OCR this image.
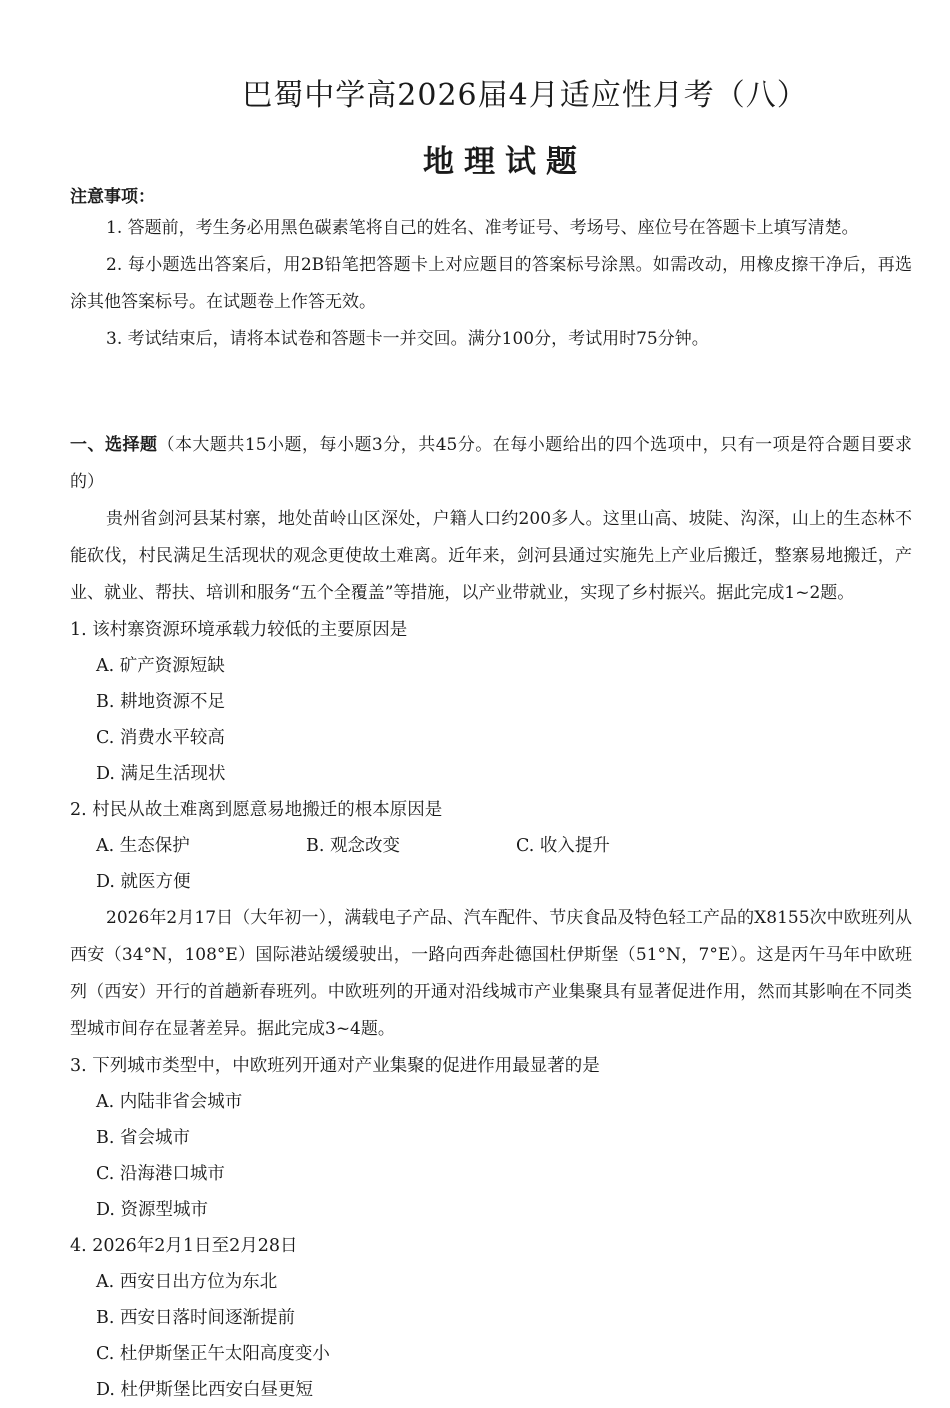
巴蜀中学高2026届4月适应性月考（八）
地理试题
注意事项：
1. 答题前，考生务必用黑色碳素笔将自己的姓名、准考证号、考场号、座位号在答题卡上填写清楚。
2. 每小题选出答案后，用2B铅笔把答题卡上对应题目的答案标号涂黑。如需改动，用橡皮擦干净后，再选涂其他答案标号。在试题卷上作答无效。
3. 考试结束后，请将本试卷和答题卡一并交回。满分100分，考试用时75分钟。
一、选择题（本大题共15小题，每小题3分，共45分。在每小题给出的四个选项中，只有一项是符合题目要求的）
贵州省剑河县某村寨，地处苗岭山区深处，户籍人口约200多人。这里山高、坡陡、沟深，山上的生态林不能砍伐，村民满足生活现状的观念更使故土难离。近年来，剑河县通过实施先上产业后搬迁，整寨易地搬迁，产业、就业、帮扶、培训和服务“五个全覆盖”等措施，以产业带就业，实现了乡村振兴。据此完成1~2题。
1. 该村寨资源环境承载力较低的主要原因是
A. 矿产资源短缺
B. 耕地资源不足
C. 消费水平较高
D. 满足生活现状
2. 村民从故土难离到愿意易地搬迁的根本原因是
A. 生态保护	B. 观念改变	C. 收入提升
D. 就医方便
2026年2月17日（大年初一），满载电子产品、汽车配件、节庆食品及特色轻工产品的X8155次中欧班列从西安（34°N，108°E）国际港站缓缓驶出，一路向西奔赴德国杜伊斯堡（51°N，7°E）。这是丙午马年中欧班列（西安）开行的首趟新春班列。中欧班列的开通对沿线城市产业集聚具有显著促进作用，然而其影响在不同类型城市间存在显著差异。据此完成3~4题。
3. 下列城市类型中，中欧班列开通对产业集聚的促进作用最显著的是
A. 内陆非省会城市
B. 省会城市
C. 沿海港口城市
D. 资源型城市
4. 2026年2月1日至2月28日
A. 西安日出方位为东北
B. 西安日落时间逐渐提前
C. 杜伊斯堡正午太阳高度变小
D. 杜伊斯堡比西安白昼更短
